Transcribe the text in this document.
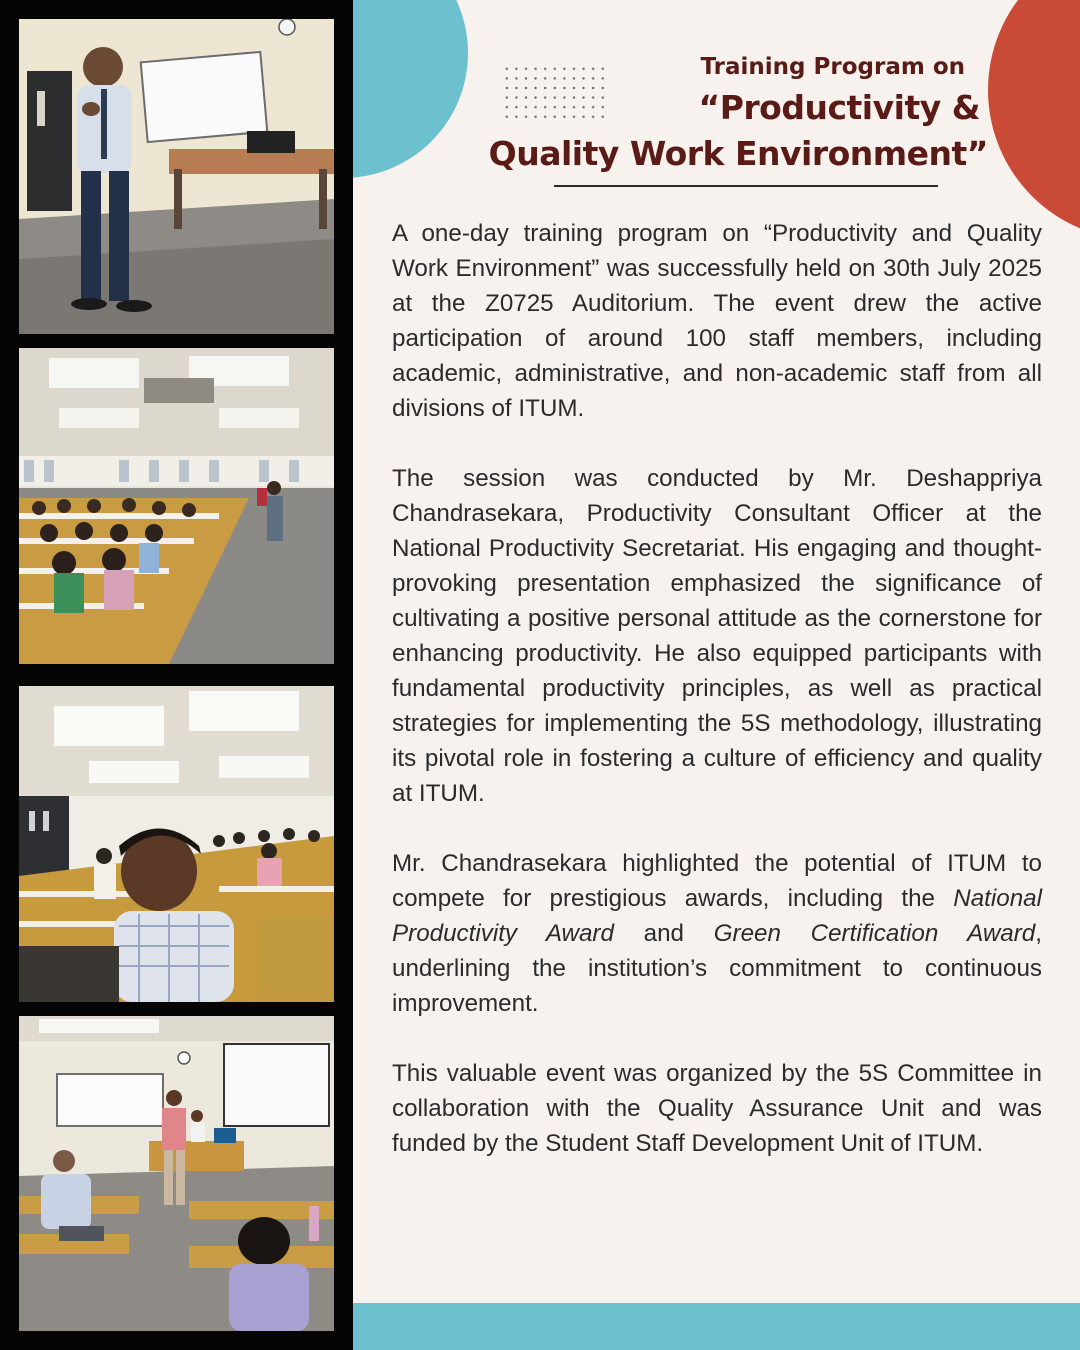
Training Program on
“Productivity &
Quality Work Environment”

A one-day training program on “Productivity and Quality Work Environment” was successfully held on 30th July 2025 at the Z0725 Auditorium. The event drew the active participation of around 100 staff members, including academic, administrative, and non-academic staff from all divisions of ITUM.

The session was conducted by Mr. Deshappriya Chandrasekara, Productivity Consultant Officer at the National Productivity Secretariat. His engaging and thought-provoking presentation emphasized the significance of cultivating a positive personal attitude as the cornerstone for enhancing productivity. He also equipped participants with fundamental productivity principles, as well as practical strategies for implementing the 5S methodology, illustrating its pivotal role in fostering a culture of efficiency and quality at ITUM.

Mr. Chandrasekara highlighted the potential of ITUM to compete for prestigious awards, including the National Productivity Award and Green Certification Award, underlining the institution’s commitment to continuous improvement.

This valuable event was organized by the 5S Committee in collaboration with the Quality Assurance Unit and was funded by the Student Staff Development Unit of ITUM.
